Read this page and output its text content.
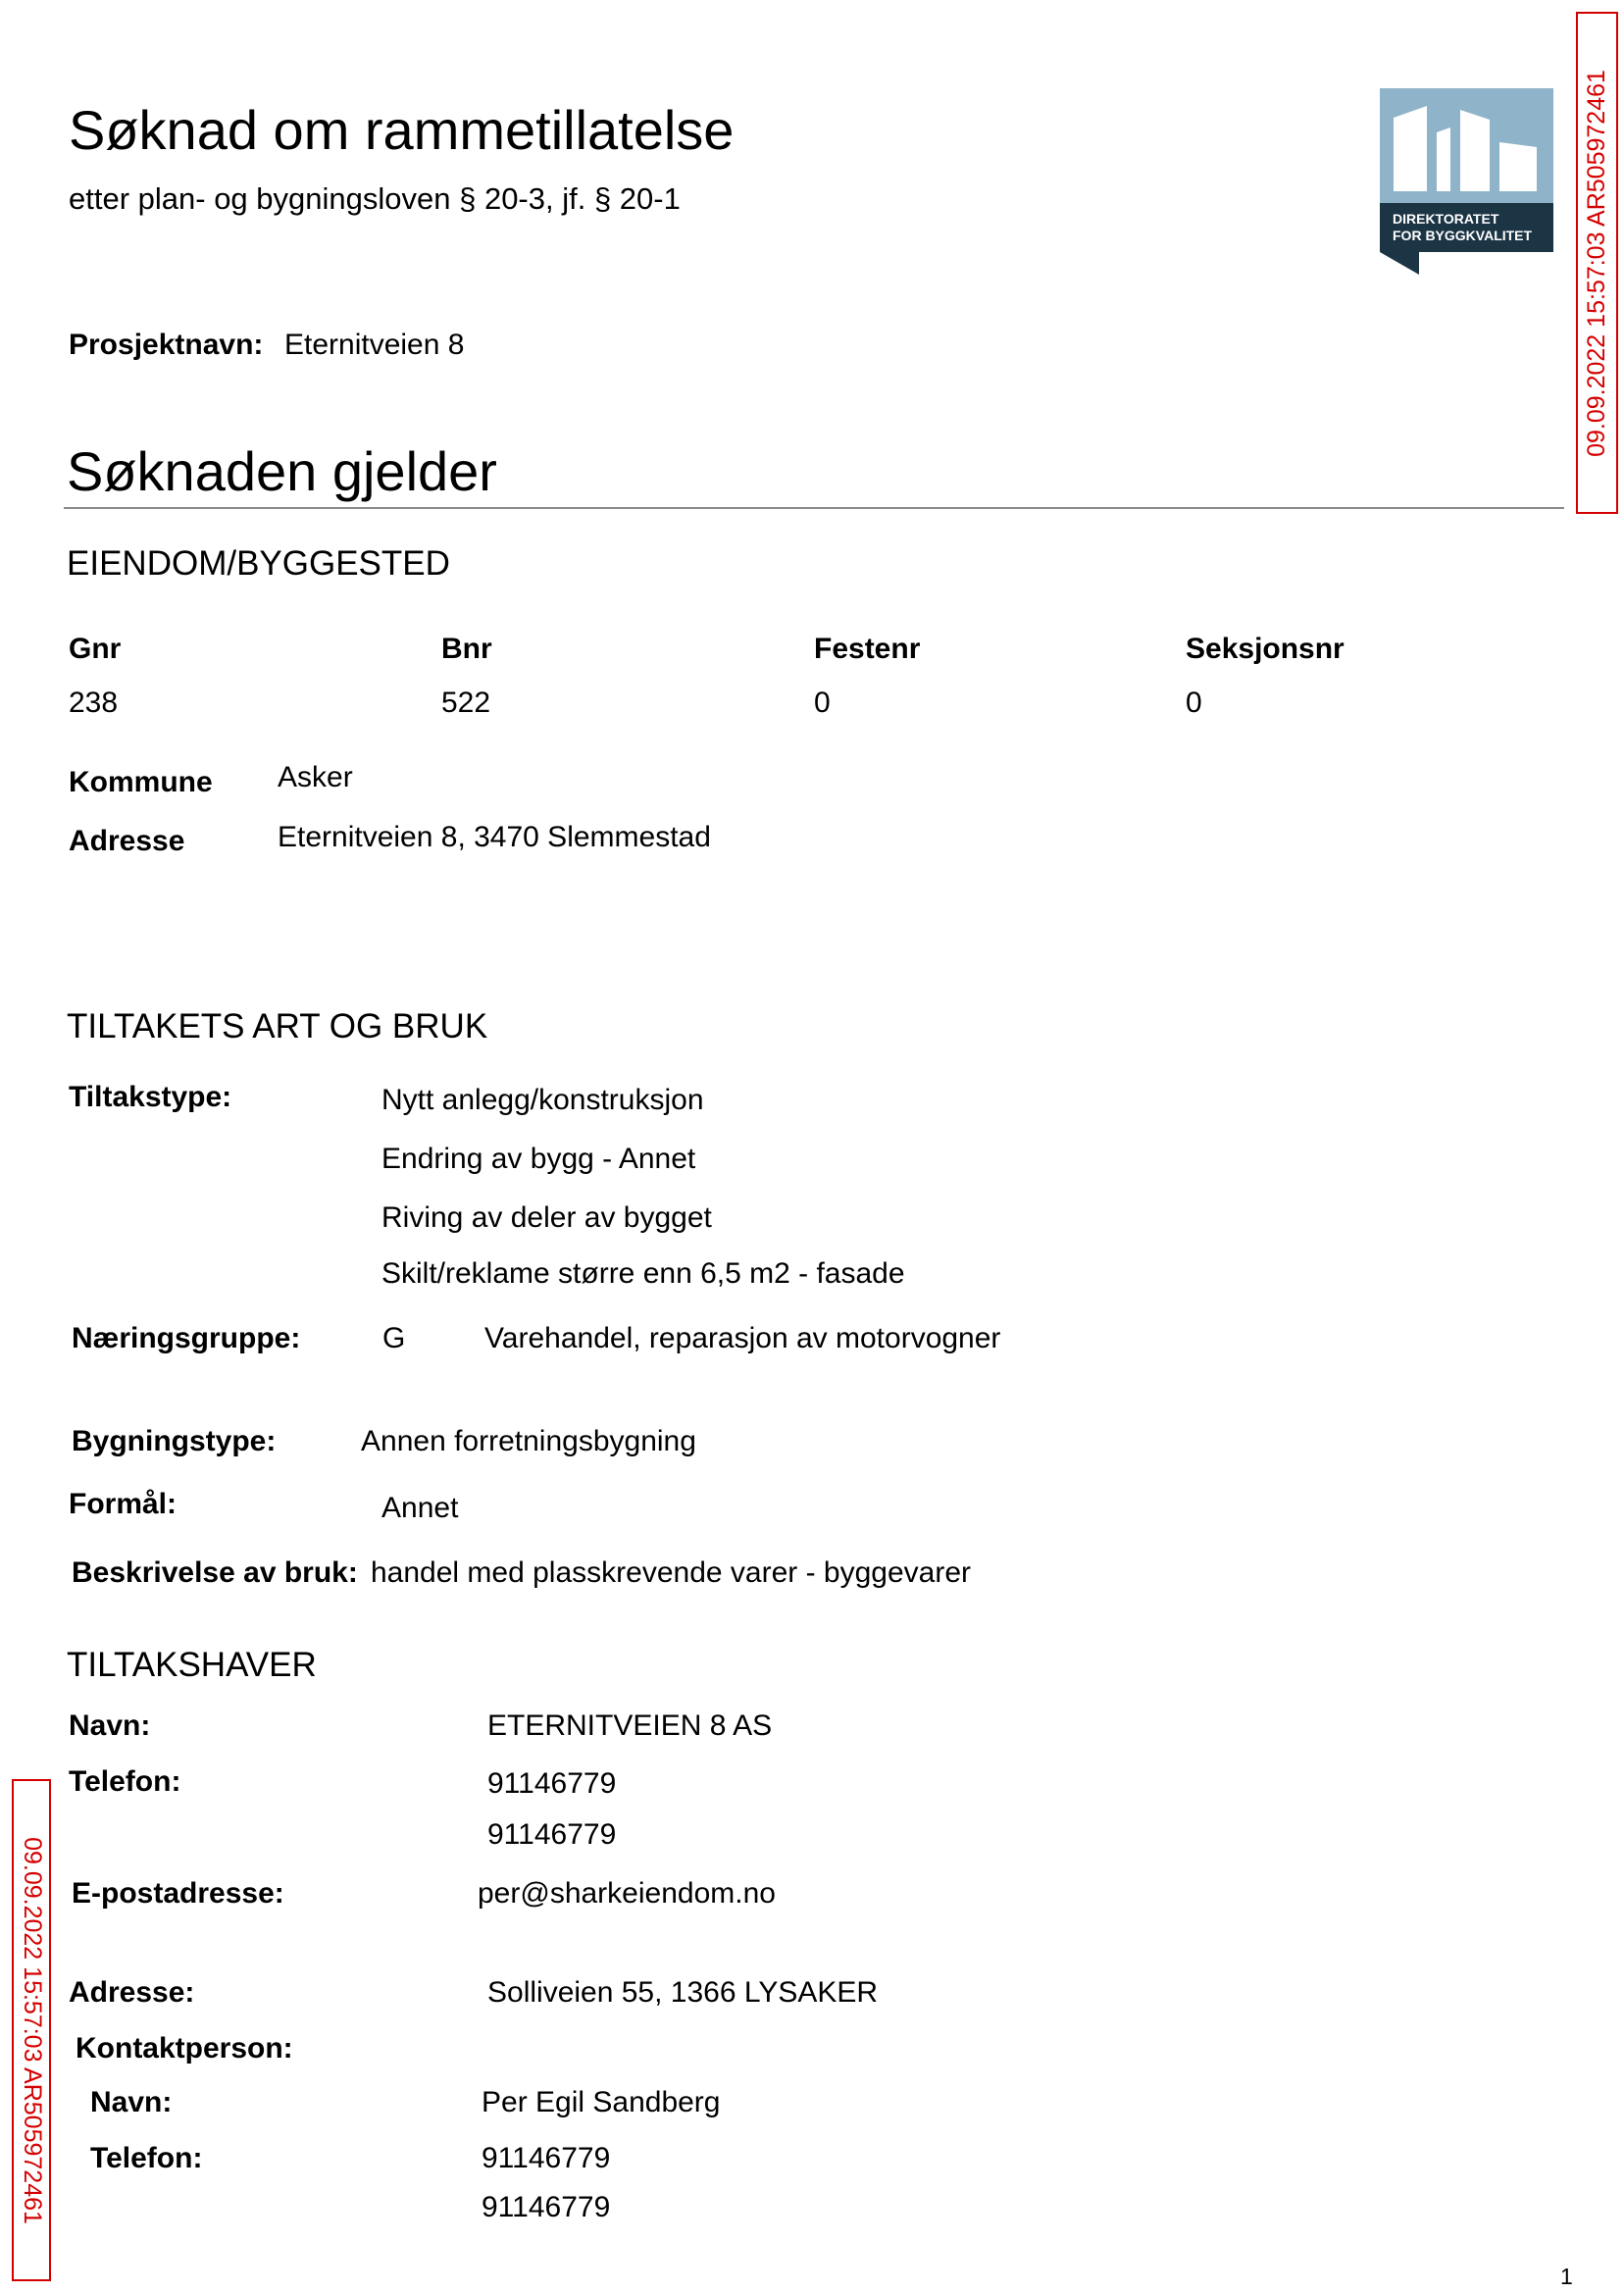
Søknad om rammetillatelse
etter plan- og bygningsloven § 20-3, jf. § 20-1
DIREKTORATET
FOR BYGGKVALITET 09.09.2022 15:57:03 AR505972461
09.09.2022 15:57:03 AR505972461
Prosjektnavn: Eternitveien 8
Søknaden gjelder
EIENDOM/BYGGESTED
Gnr	Bnr	Festenr	Seksjonsnr
238	522	0	0
Kommune Asker
Adresse	Eternitveien 8, 3470 Slemmestad
TILTAKETS ART OG BRUK
Tiltakstype:	Nytt anlegg/konstruksjon
Endring av bygg - Annet
Riving av deler av bygget
Skilt/reklame større enn 6,5 m2 - fasade
Næringsgruppe:	G	Varehandel, reparasjon av motorvogner
Bygningstype:	Annen forretningsbygning
Formål:	Annet
Beskrivelse av bruk: handel med plasskrevende varer - byggevarer
TILTAKSHAVER
Navn:	ETERNITVEIEN 8 AS
Telefon:	91146779
91146779
E-postadresse:	per@sharkeiendom.no
Adresse:	Solliveien 55, 1366 LYSAKER
Kontaktperson:
Navn:	Per Egil Sandberg
Telefon:	91146779
91146779
1
